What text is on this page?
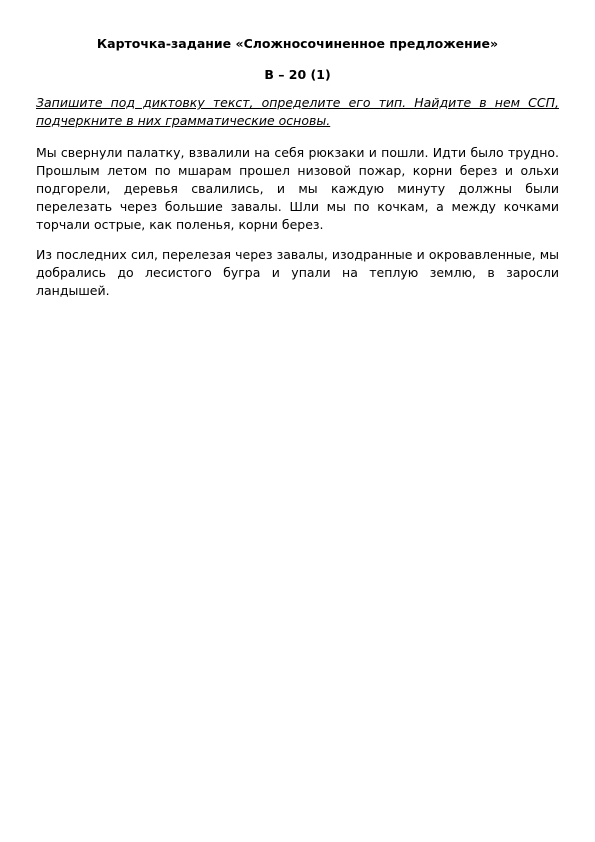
Карточка-задание «Сложносочиненное предложение»

В – 20 (1)

Запишите под диктовку текст, определите его тип. Найдите в нем ССП, подчеркните в них грамматические основы.

Мы свернули палатку, взвалили на себя рюкзаки и пошли. Идти было трудно. Прошлым летом по мшарам прошел низовой пожар, корни берез и ольхи подгорели, деревья свалились, и мы каждую минуту должны были перелезать через большие завалы. Шли мы по кочкам, а между кочками торчали острые, как поленья, корни берез.

Из последних сил, перелезая через завалы, изодранные и окровавленные, мы добрались до лесистого бугра и упали на теплую землю, в заросли ландышей.
